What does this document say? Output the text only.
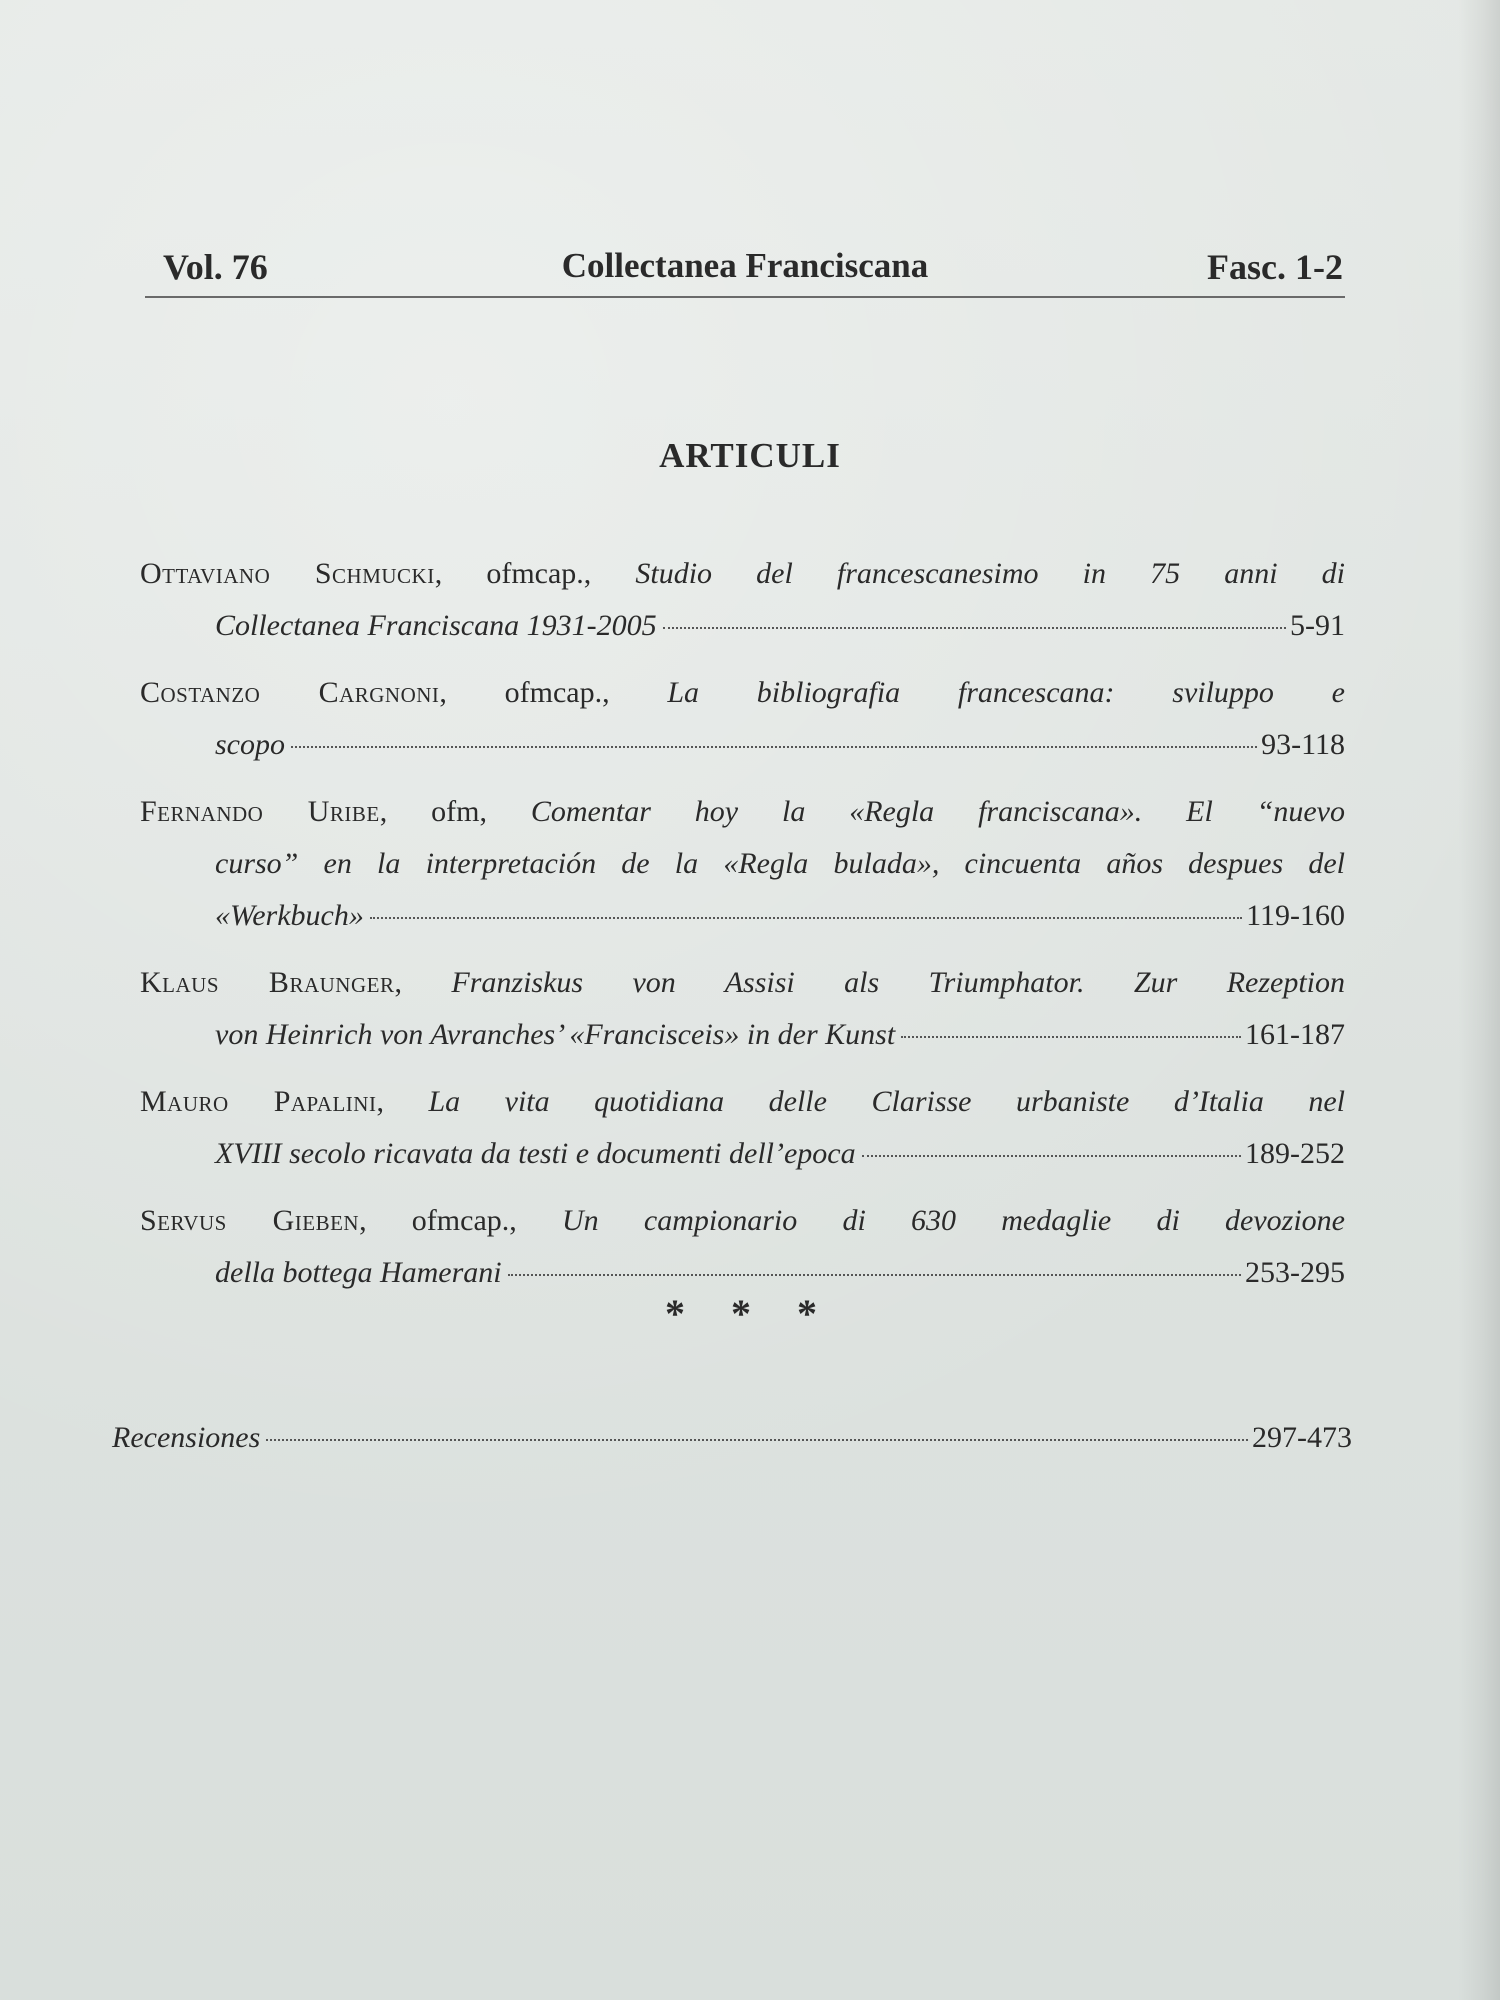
Collectanea Franciscana
Vol. 76	Fasc. 1-2
ARTICULI
Ottaviano Schmucki, ofmcap., Studio del francescanesimo in 75 anni di
Collectanea Franciscana 1931-2005	5-91
Costanzo Cargnoni, ofmcap., La bibliografia francescana: sviluppo e
scopo	93-118
Fernando Uribe, ofm, Comentar hoy la «Regla franciscana». El “nuevo
curso” en la interpretación de la «Regla bulada», cincuenta años despues del
«Werkbuch»	119-160
Klaus Braunger, Franziskus von Assisi als Triumphator. Zur Rezeption
von Heinrich von Avranches’ «Francisceis» in der Kunst	161-187
Mauro Papalini, La vita quotidiana delle Clarisse urbaniste d’Italia nel
XVIII secolo ricavata da testi e documenti dell’epoca	189-252
Servus Gieben, ofmcap., Un campionario di 630 medaglie di devozione
della bottega Hamerani	253-295
* * *
Recensiones	297-473
